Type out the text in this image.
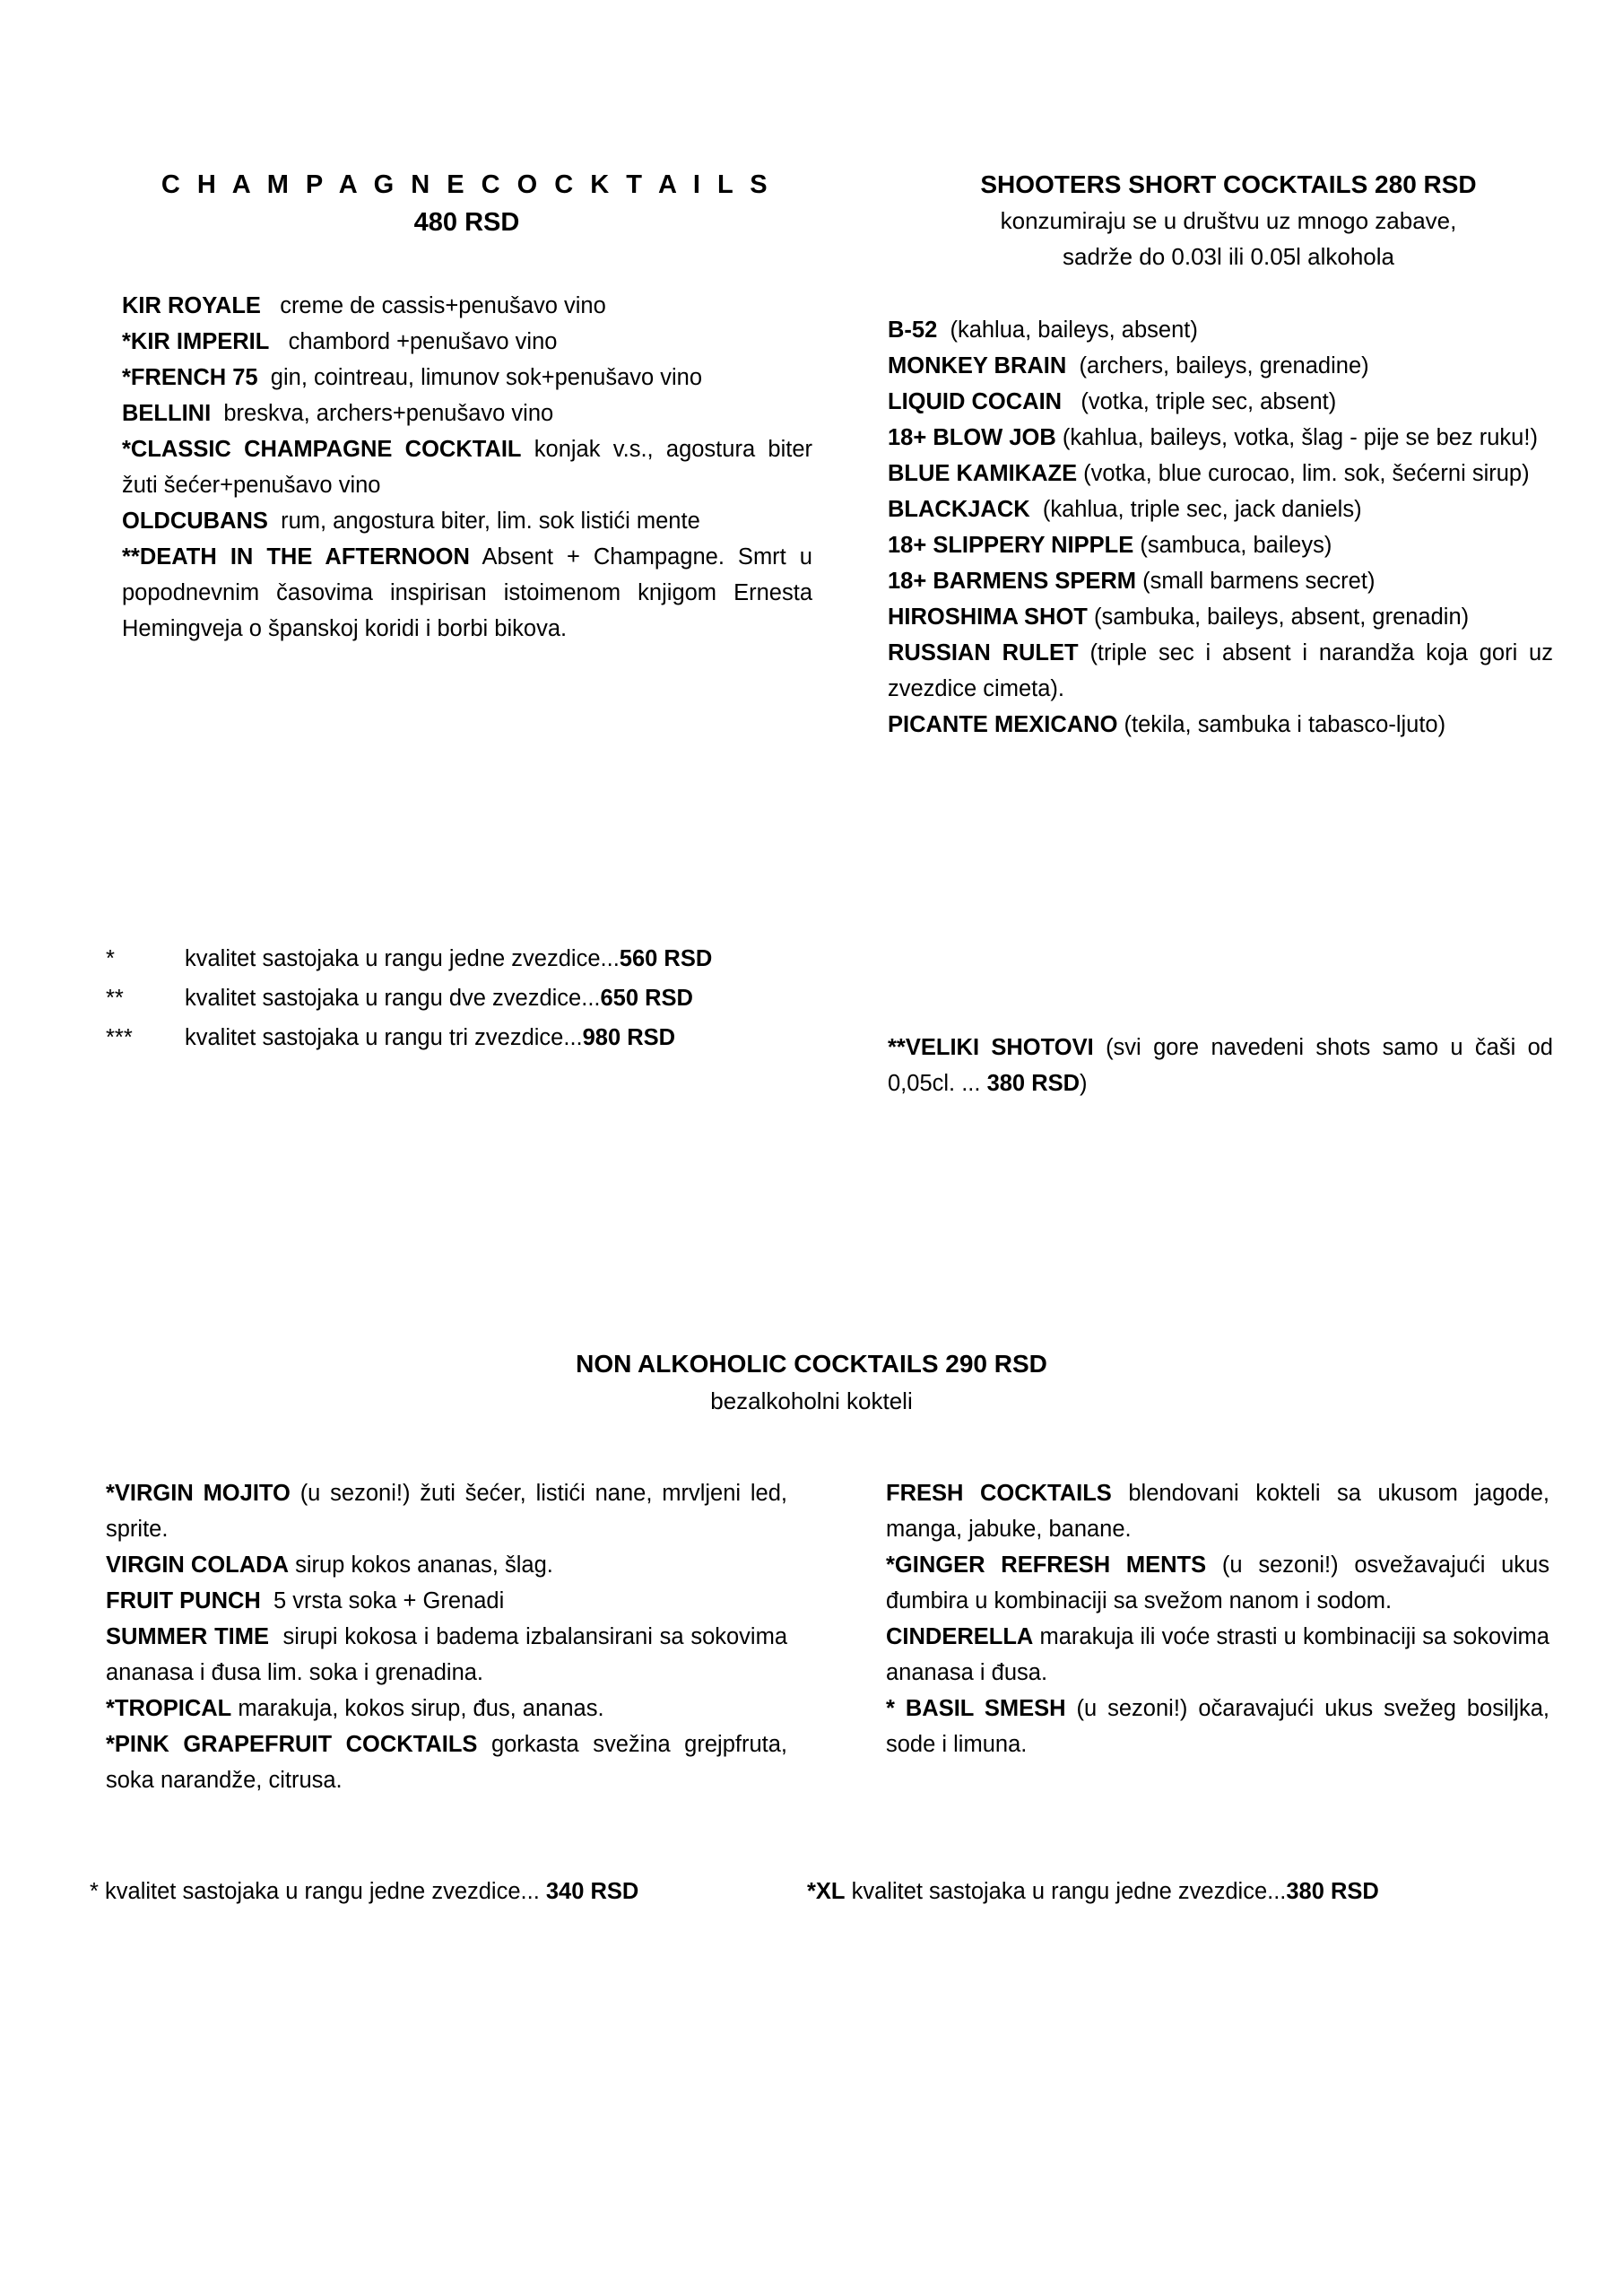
C H A M P A G N E C O C K T A I L S
480 RSD

KIR ROYALE creme de cassis+penušavo vino

*KIR IMPERIL chambord +penušavo vino

*FRENCH 75 gin, cointreau, limunov sok+penušavo vino

BELLINI breskva, archers+penušavo vino

*CLASSIC CHAMPAGNE COCKTAIL konjak v.s., agostura biter žuti šećer+penušavo vino

OLDCUBANS rum, angostura biter, lim. sok listići mente

**DEATH IN THE AFTERNOON Absent + Champagne. Smrt u popodnevnim časovima inspirisan istoimenom knjigom Ernesta Hemingveja o španskoj koridi i borbi bikova.

SHOOTERS SHORT COCKTAILS 280 RSD
konzumiraju se u društvu uz mnogo zabave,
sadrže do 0.03l ili 0.05l alkohola

B-52 (kahlua, baileys, absent)

MONKEY BRAIN (archers, baileys, grenadine)

LIQUID COCAIN (votka, triple sec, absent)

18+ BLOW JOB (kahlua, baileys, votka, šlag - pije se bez ruku!)

BLUE KAMIKAZE (votka, blue curocao, lim. sok, šećerni sirup)

BLACKJACK (kahlua, triple sec, jack daniels)

18+ SLIPPERY NIPPLE (sambuca, baileys)

18+ BARMENS SPERM (small barmens secret)

HIROSHIMA SHOT (sambuka, baileys, absent, grenadin)

RUSSIAN RULET (triple sec i absent i narandža koja gori uz zvezdice cimeta).

PICANTE MEXICANO (tekila, sambuka i tabasco-ljuto)

*	kvalitet sastojaka u rangu jedne zvezdice...560 RSD
**	kvalitet sastojaka u rangu dve zvezdice...650 RSD
***	kvalitet sastojaka u rangu tri zvezdice...980 RSD	**VELIKI SHOTOVI (svi gore navedeni shots samo u čaši od 0,05cl. ... 380 RSD)
NON ALKOHOLIC COCKTAILS 290 RSD
bezalkoholni kokteli

*VIRGIN MOJITO (u sezoni!) žuti šećer, listići nane, mrvljeni led, sprite.

VIRGIN COLADA sirup kokos ananas, šlag.

FRUIT PUNCH 5 vrsta soka + Grenadi

SUMMER TIME sirupi kokosa i badema izbalansirani sa sokovima ananasa i đusa lim. soka i grenadina.

*TROPICAL marakuja, kokos sirup, đus, ananas.

*PINK GRAPEFRUIT COCKTAILS gorkasta svežina grejpfruta, soka narandže, citrusa.

FRESH COCKTAILS blendovani kokteli sa ukusom jagode, manga, jabuke, banane.

*GINGER REFRESH MENTS (u sezoni!) osvežavajući ukus đumbira u kombinaciji sa svežom nanom i sodom.

CINDERELLA marakuja ili voće strasti u kombinaciji sa sokovima ananasa i đusa.

* BASIL SMESH (u sezoni!) očaravajući ukus svežeg bosiljka, sode i limuna.

* kvalitet sastojaka u rangu jedne zvezdice... 340 RSD	*XL kvalitet sastojaka u rangu jedne zvezdice...380 RSD
